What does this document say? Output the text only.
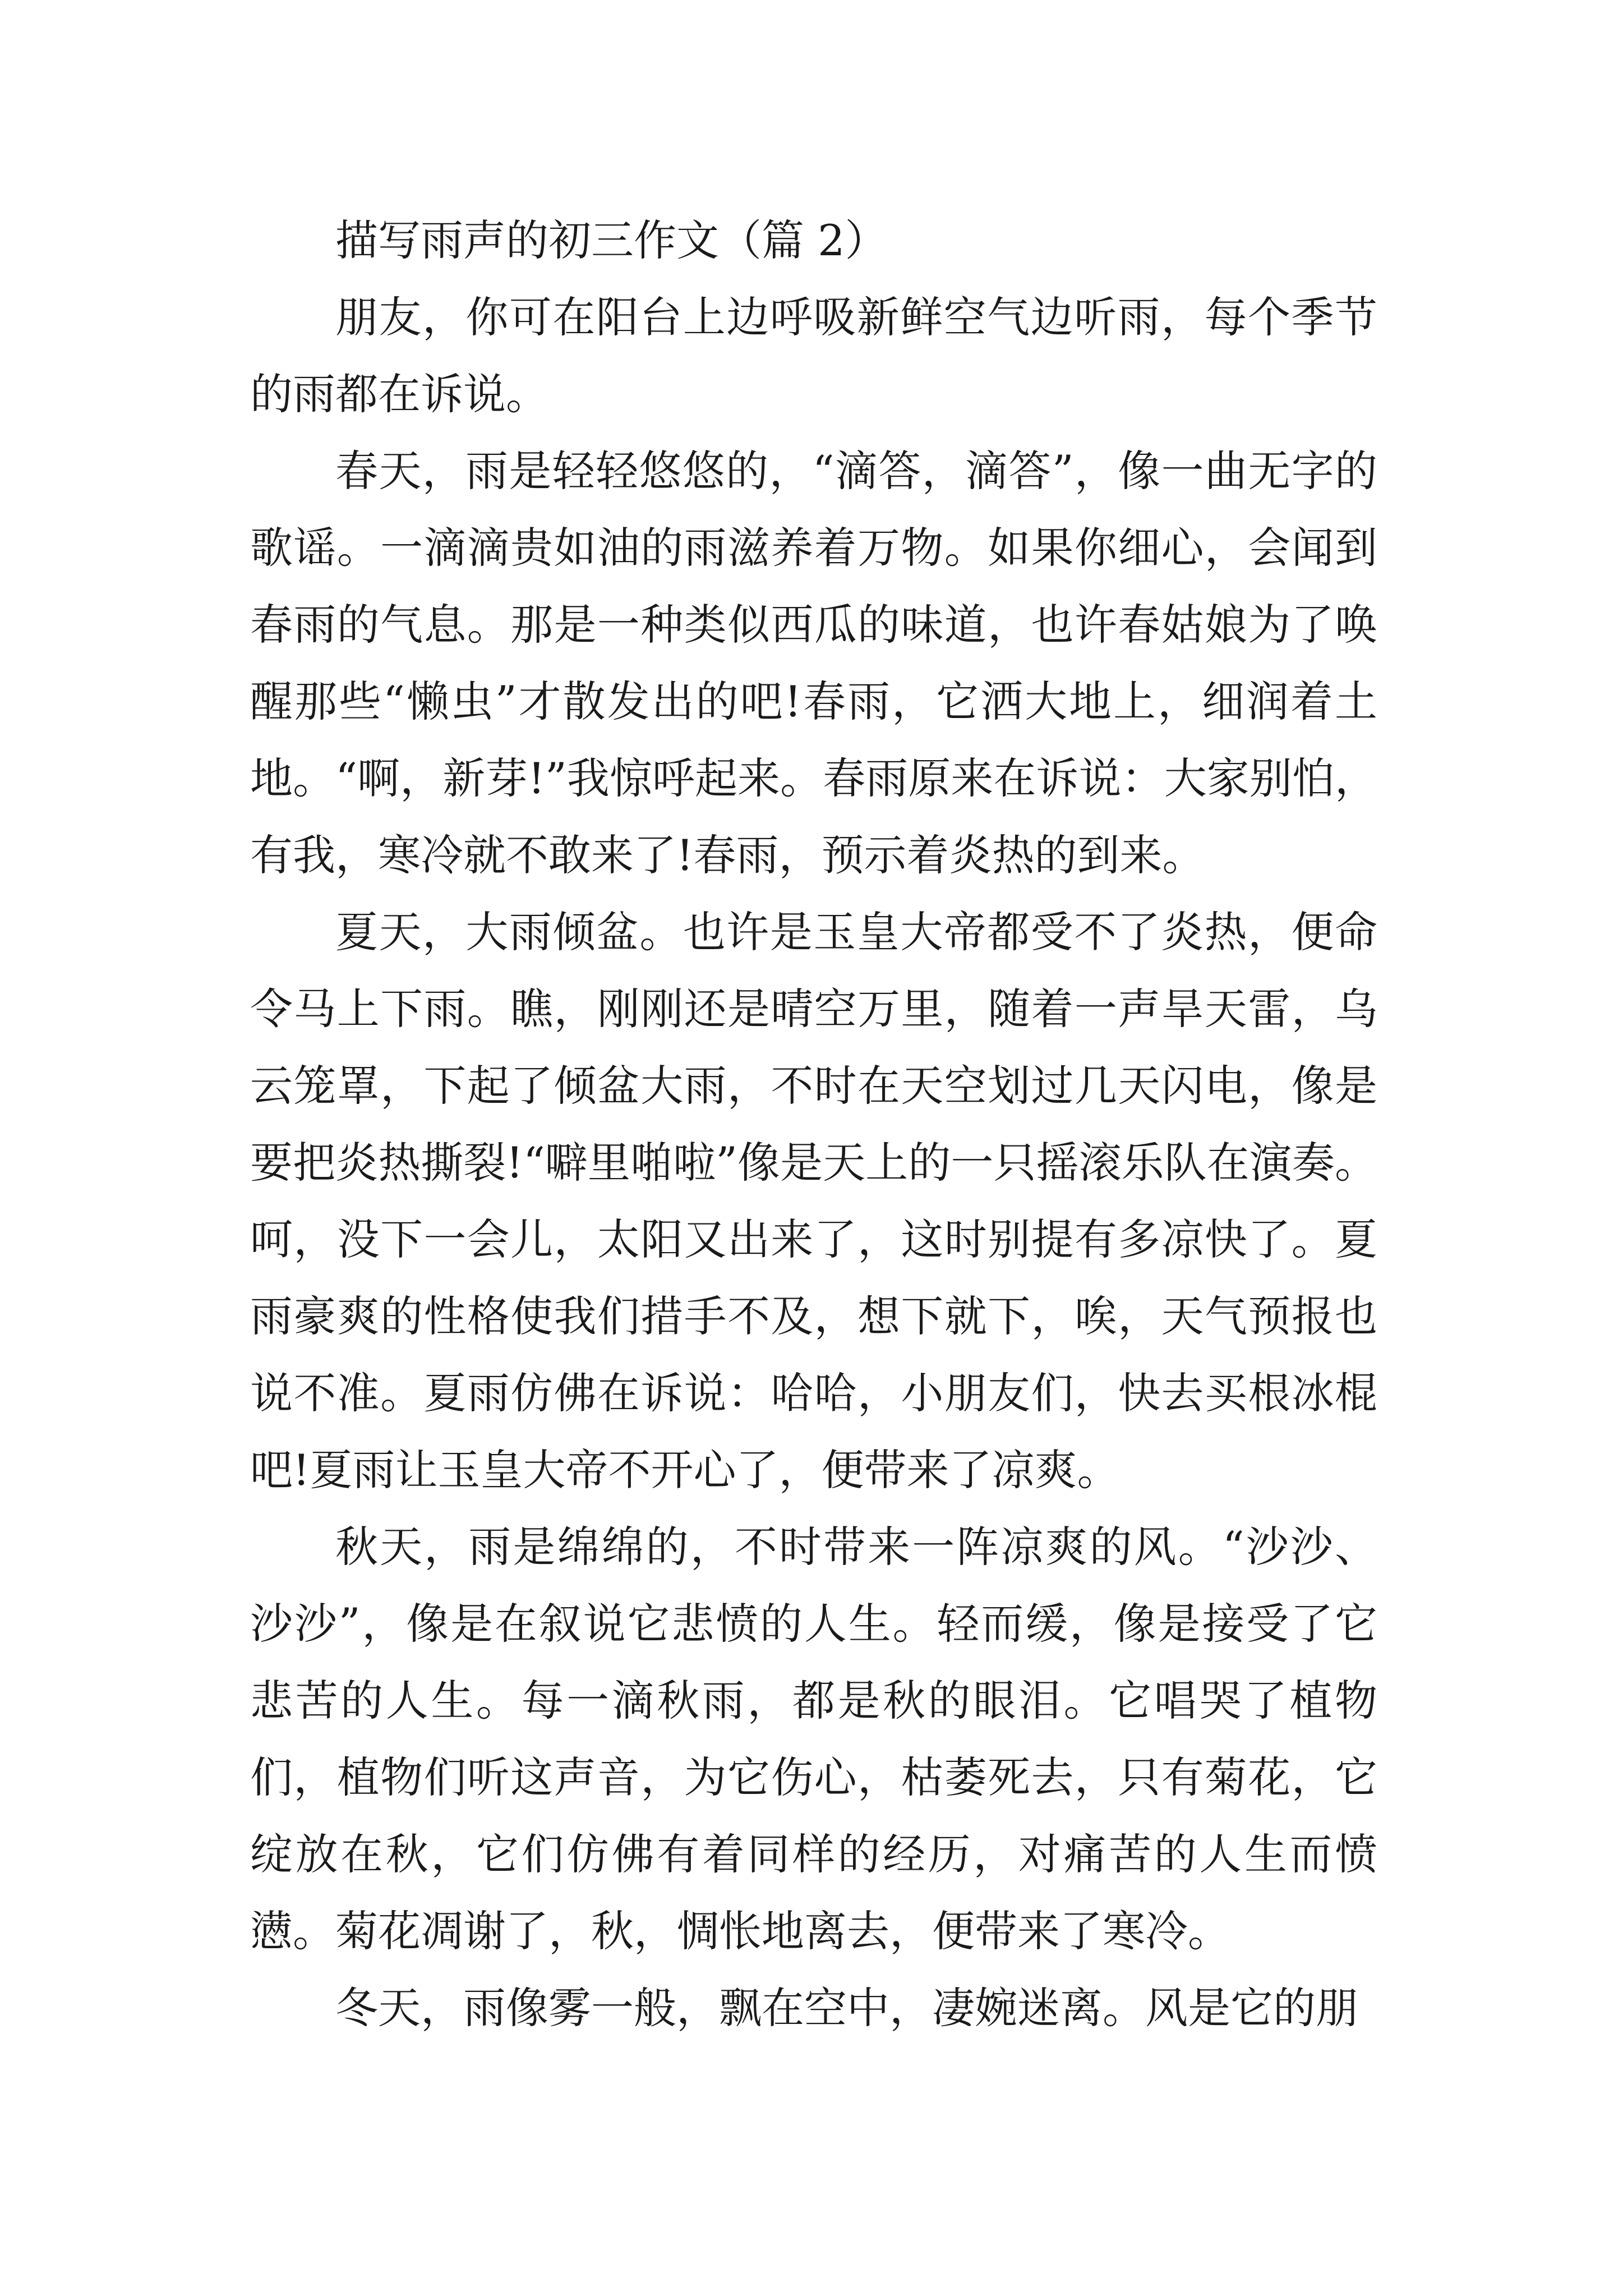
描写雨声的初三作文（篇 2）

朋友，你可在阳台上边呼吸新鲜空气边听雨，每个季节的雨都在诉说。

春天，雨是轻轻悠悠的，“滴答，滴答”，像一曲无字的歌谣。一滴滴贵如油的雨滋养着万物。如果你细心，会闻到春雨的气息。那是一种类似西瓜的味道，也许春姑娘为了唤醒那些“懒虫”才散发出的吧!春雨，它洒大地上，细润着土地。“啊，新芽!”我惊呼起来。春雨原来在诉说：大家别怕，有我，寒冷就不敢来了!春雨，预示着炎热的到来。

夏天，大雨倾盆。也许是玉皇大帝都受不了炎热，便命令马上下雨。瞧，刚刚还是晴空万里，随着一声旱天雷，乌云笼罩，下起了倾盆大雨，不时在天空划过几天闪电，像是要把炎热撕裂!“噼里啪啦”像是天上的一只摇滚乐队在演奏。呵，没下一会儿，太阳又出来了，这时别提有多凉快了。夏雨豪爽的性格使我们措手不及，想下就下，唉，天气预报也说不准。夏雨仿佛在诉说：哈哈，小朋友们，快去买根冰棍吧!夏雨让玉皇大帝不开心了，便带来了凉爽。

秋天，雨是绵绵的，不时带来一阵凉爽的风。“沙沙、沙沙”，像是在叙说它悲愤的人生。轻而缓，像是接受了它悲苦的人生。每一滴秋雨，都是秋的眼泪。它唱哭了植物们，植物们听这声音，为它伤心，枯萎死去，只有菊花，它绽放在秋，它们仿佛有着同样的经历，对痛苦的人生而愤懑。菊花凋谢了，秋，惆怅地离去，便带来了寒冷。

冬天，雨像雾一般，飘在空中，凄婉迷离。风是它的朋
